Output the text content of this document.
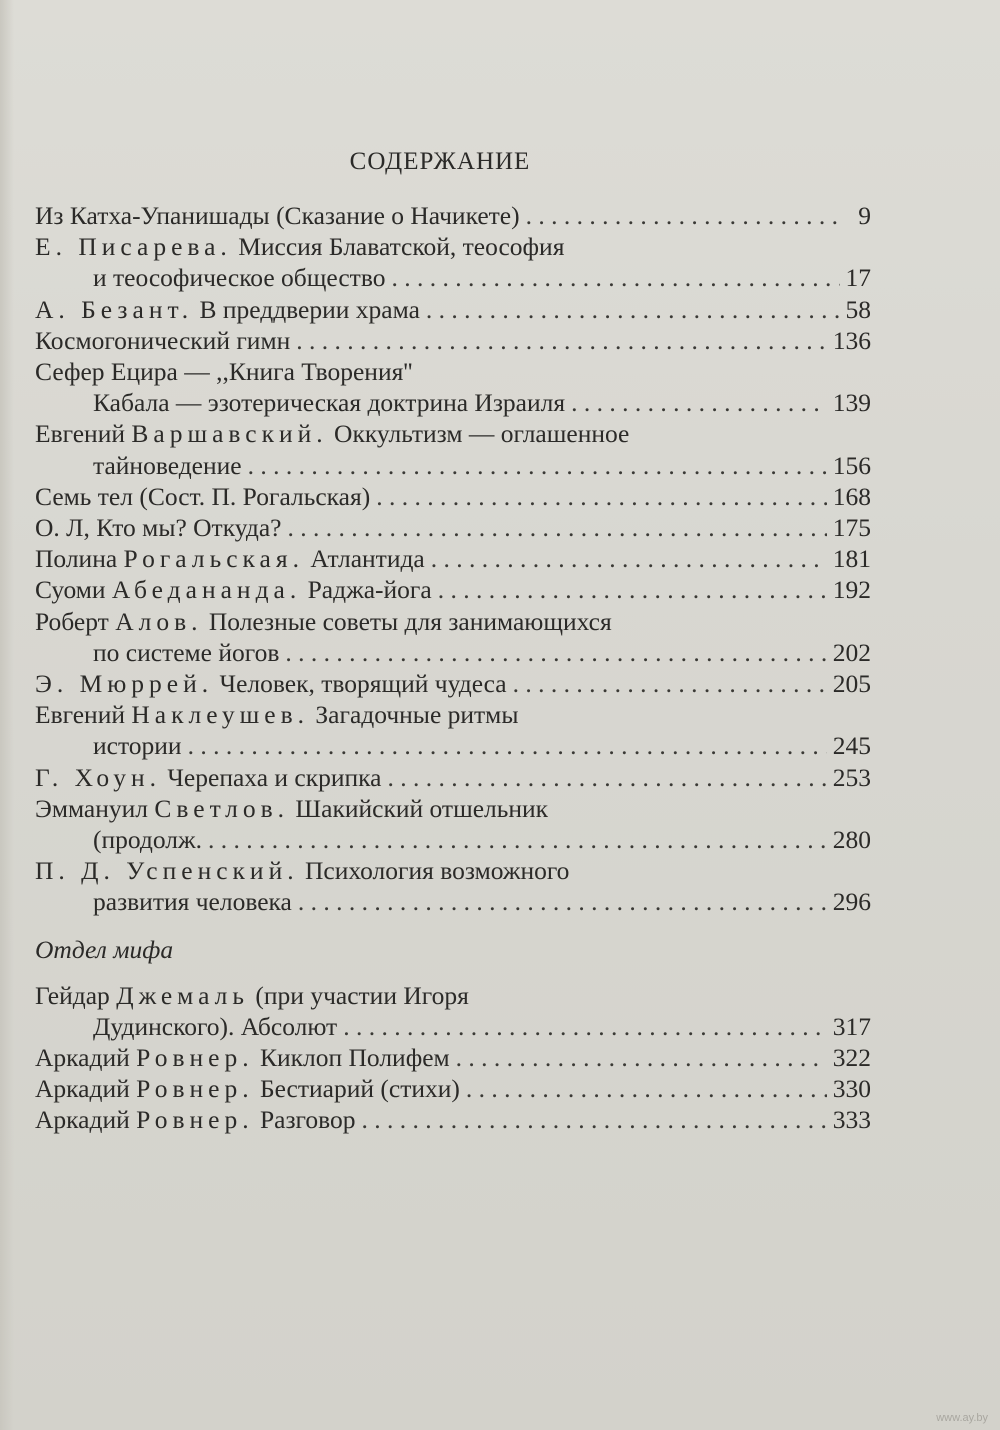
СОДЕРЖАНИЕ
Из Катха-Упанишады (Сказание о Начикете) . . .	9
Е. Писарева. Миссия Блаватской, теософия
и теософическое общество . . .	17
А. Безант. В преддверии храма . . .	58
Космогонический гимн . . .	136
Сефер Ецира — ,,Книга Творения''
Кабала — эзотерическая доктрина Израиля . . .	139
Евгений Варшавский. Оккультизм — оглашенное
тайноведение . . .	156
Семь тел (Сост. П. Рогальская) . . .	168
О. Л, Кто мы? Откуда? . . .	175
Полина Рогальская. Атлантида . . .	181
Суоми Абедананда. Раджа-йога . . .	192
Роберт Алов. Полезные советы для занимающихся
по системе йогов . . .	202
Э. Мюррей. Человек, творящий чудеса . . .	205
Евгений Наклеушев. Загадочные ритмы
истории . . .	245
Г. Хоун. Черепаха и скрипка . . .	253
Эммануил Светлов. Шакийский отшельник
(продолж. . . .	280
П. Д. Успенский. Психология возможного
развития человека . . .	296
Отдел мифа
Гейдар Джемаль (при участии Игоря
Дудинского). Абсолют . . .	317
Аркадий Ровнер. Киклоп Полифем . . .	322
Аркадий Ровнер. Бестиарий (стихи) . . .	330
Аркадий Ровнер. Разговор . . .	333
www.ay.by
